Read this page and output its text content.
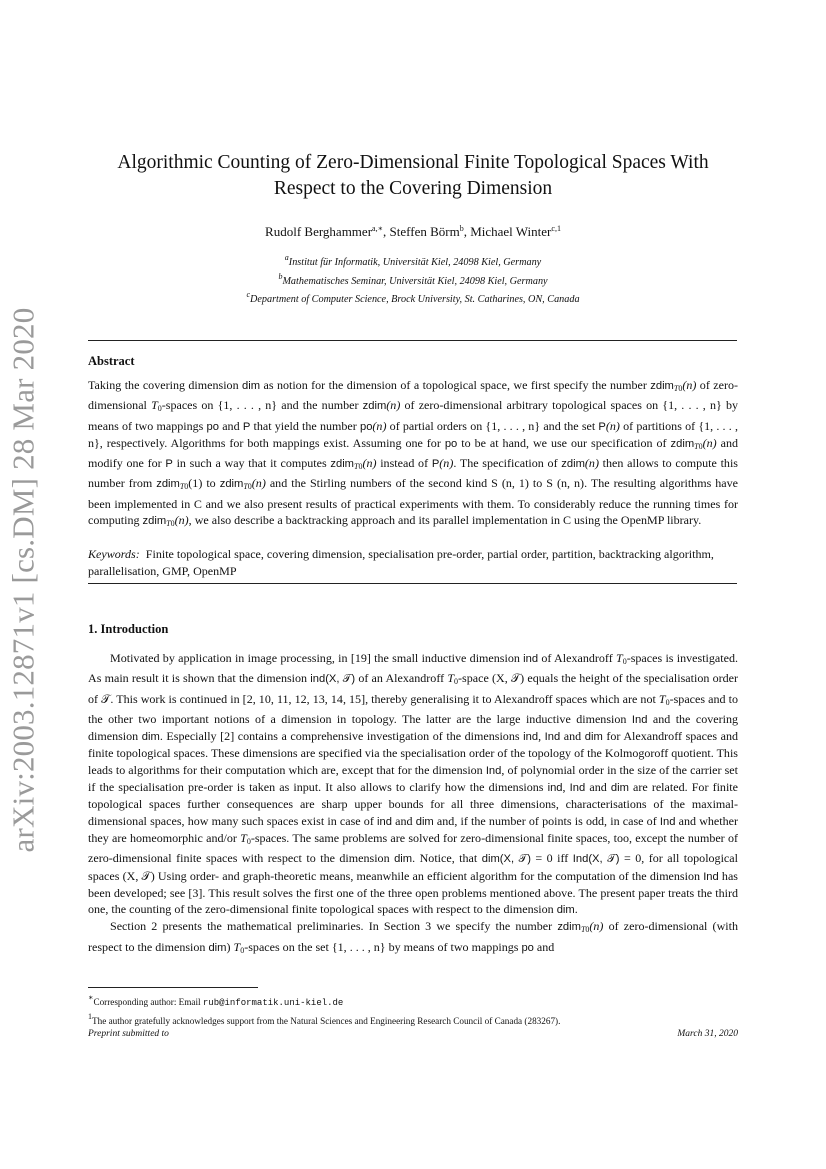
arXiv:2003.12871v1 [cs.DM] 28 Mar 2020
Algorithmic Counting of Zero-Dimensional Finite Topological Spaces With
Respect to the Covering Dimension
Rudolf Berghammer$^{a,∗}$, Steffen Börm$^b$, Michael Winter$^{c,1}$
$^a$Institut für Informatik, Universität Kiel, 24098 Kiel, Germany
$^b$Mathematisches Seminar, Universität Kiel, 24098 Kiel, Germany
$^c$Department of Computer Science, Brock University, St. Catharines, ON, Canada
Abstract

Taking the covering dimension dim as notion for the dimension of a topological space, we first specify the number zdim$_{T0}$(n) of zero-dimensional $T_0$-spaces on {1, . . . , n} and the number zdim(n) of zero-dimensional arbitrary topological spaces on {1, . . . , n} by means of two mappings po and P that yield the number po(n) of partial orders on {1, . . . , n} and the set P(n) of partitions of {1, . . . , n}, respectively. Algorithms for both mappings exist. Assuming one for po to be at hand, we use our specification of zdim$_{T0}$(n) and modify one for P in such a way that it computes zdim$_{T0}$(n) instead of P(n). The specification of zdim(n) then allows to compute this number from zdim$_{T0}$(1) to zdim$_{T0}$(n) and the Stirling numbers of the second kind S (n, 1) to S (n, n). The resulting algorithms have been implemented in C and we also present results of practical experiments with them. To considerably reduce the running times for computing zdim$_{T0}$(n), we also describe a backtracking approach and its parallel implementation in C using the OpenMP library.

Keywords: Finite topological space, covering dimension, specialisation pre-order, partial order, partition, backtracking algorithm, parallelisation, GMP, OpenMP

1. Introduction

Motivated by application in image processing, in [19] the small inductive dimension ind of Alexandroff $T_0$-spaces is investigated. As main result it is shown that the dimension ind(X, 𝒯) of an Alexandroff $T_0$-space (X, 𝒯) equals the height of the specialisation order of 𝒯. This work is continued in [2, 10, 11, 12, 13, 14, 15], thereby generalising it to Alexandroff spaces which are not $T_0$-spaces and to the other two important notions of a dimension in topology. The latter are the large inductive dimension Ind and the covering dimension dim. Especially [2] contains a comprehensive investigation of the dimensions ind, Ind and dim for Alexandroff spaces and finite topological spaces. These dimensions are specified via the specialisation order of the topology of the Kolmogoroff quotient. This leads to algorithms for their computation which are, except that for the dimension Ind, of polynomial order in the size of the carrier set if the specialisation pre-order is taken as input. It also allows to clarify how the dimensions ind, Ind and dim are related. For finite topological spaces further consequences are sharp upper bounds for all three dimensions, characterisations of the maximal-dimensional spaces, how many such spaces exist in case of ind and dim and, if the number of points is odd, in case of Ind and whether they are homeomorphic and/or $T_0$-spaces. The same problems are solved for zero-dimensional finite spaces, too, except the number of zero-dimensional finite spaces with respect to the dimension dim. Notice, that dim(X, 𝒯) = 0 iff Ind(X, 𝒯) = 0, for all topological spaces (X, 𝒯) Using order- and graph-theoretic means, meanwhile an efficient algorithm for the computation of the dimension Ind has been developed; see [3]. This result solves the first one of the three open problems mentioned above. The present paper treats the third one, the counting of the zero-dimensional finite topological spaces with respect to the dimension dim.

Section 2 presents the mathematical preliminaries. In Section 3 we specify the number zdim$_{T0}$(n) of zero-dimensional (with respect to the dimension dim) $T_0$-spaces on the set {1, . . . , n} by means of two mappings po and

∗Corresponding author: Email rub@informatik.uni-kiel.de
$^1$The author gratefully acknowledges support from the Natural Sciences and Engineering Research Council of Canada (283267).
Preprint submitted to	March 31, 2020
